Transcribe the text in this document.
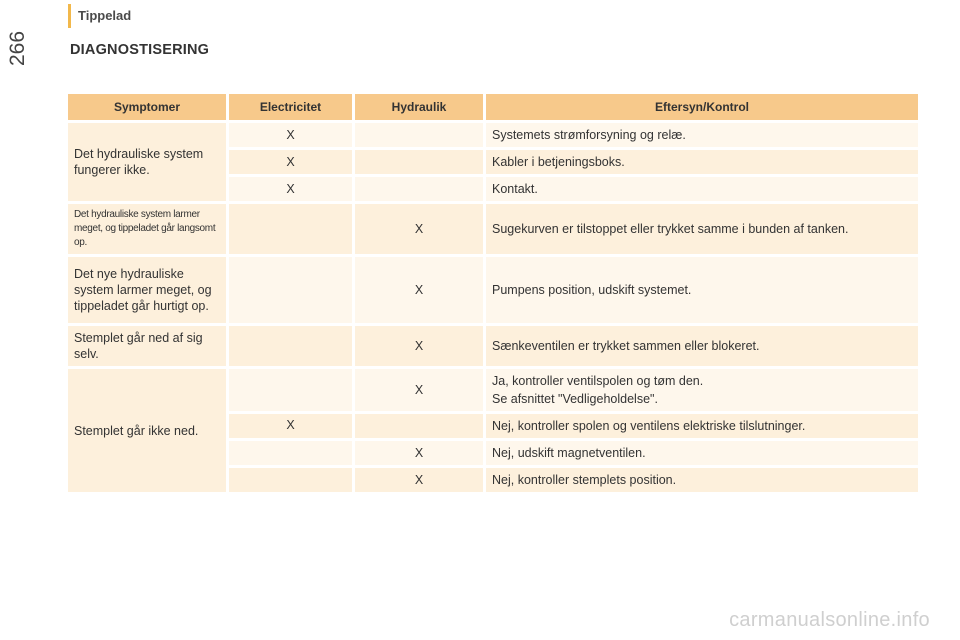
Tippelad
266	DIAGNOSTISERING
Symptomer	Electricitet	Hydraulik	Eftersyn/Kontrol
Det hydrauliske system fungerer ikke.	X		Systemets strømforsyning og relæ.
	X		Kabler i betjeningsboks.
	X		Kontakt.
Det hydrauliske system larmer meget, og tippeladet går langsomt op.		X	Sugekurven er tilstoppet eller trykket samme i bunden af tanken.
Det nye hydrauliske system larmer meget, og tippeladet går hurtigt op.		X	Pumpens position, udskift systemet.
Stemplet går ned af sig selv.		X	Sænkeventilen er trykket sammen eller blokeret.
Stemplet går ikke ned.		X	Ja, kontroller ventilspolen og tøm den.
Se afsnittet "Vedligeholdelse".

	X		Nej, kontroller spolen og ventilens elektriske tilslutninger.
		X	Nej, udskift magnetventilen.
		X	Nej, kontroller stemplets position.
carmanualsonline.info
